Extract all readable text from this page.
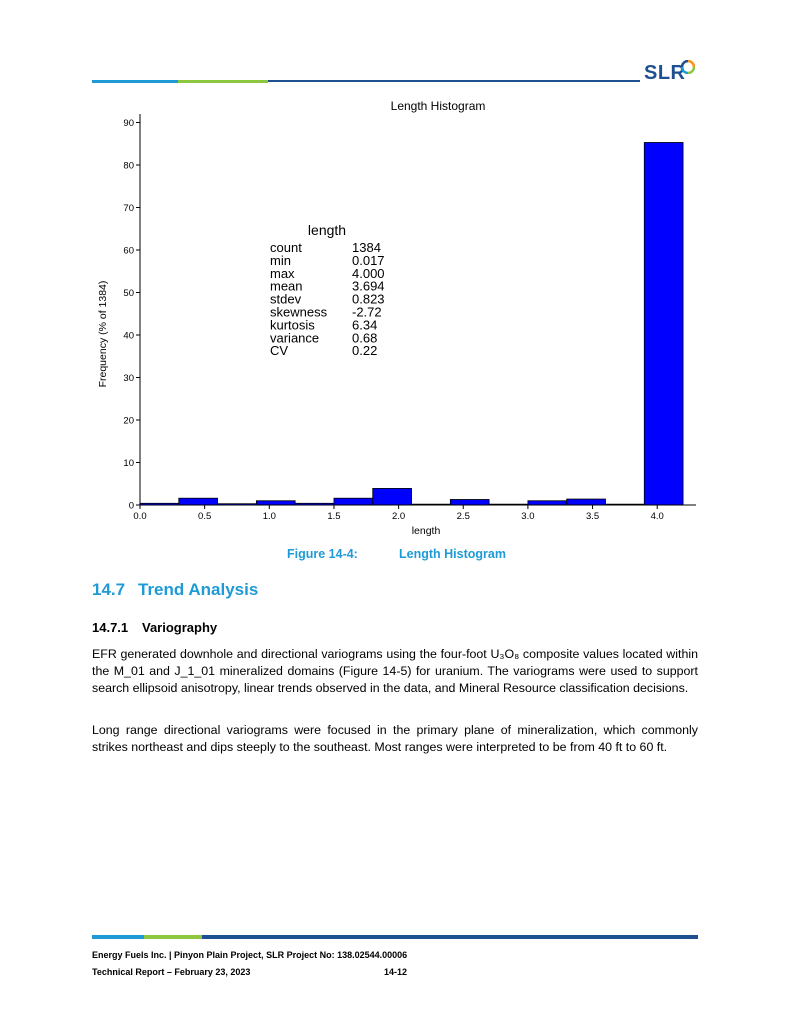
SLR
Length Histogram
Frequency (% of 1384)
length
0
10
20
30
40
50
60
70
80
90
0.0	0.5	1.0	1.5	2.0	2.5	3.0	3.5	4.0
length
count	1384
min	0.017
max	4.000
mean	3.694
stdev	0.823
skewness -2.72
kurtosis	6.34
variance	0.68
CV	0.22
Figure 14-4:	Length Histogram
14.7 Trend Analysis
14.7.1 Variography
EFR generated downhole and directional variograms using the four-foot U₃O₈ composite values located within the M_01 and J_1_01 mineralized domains (Figure 14-5) for uranium. The variograms were used to support search ellipsoid anisotropy, linear trends observed in the data, and Mineral Resource classification decisions.
Long range directional variograms were focused in the primary plane of mineralization, which commonly strikes northeast and dips steeply to the southeast. Most ranges were interpreted to be from 40 ft to 60 ft.
Energy Fuels Inc. | Pinyon Plain Project, SLR Project No: 138.02544.00006
Technical Report – February 23, 2023	14-12
